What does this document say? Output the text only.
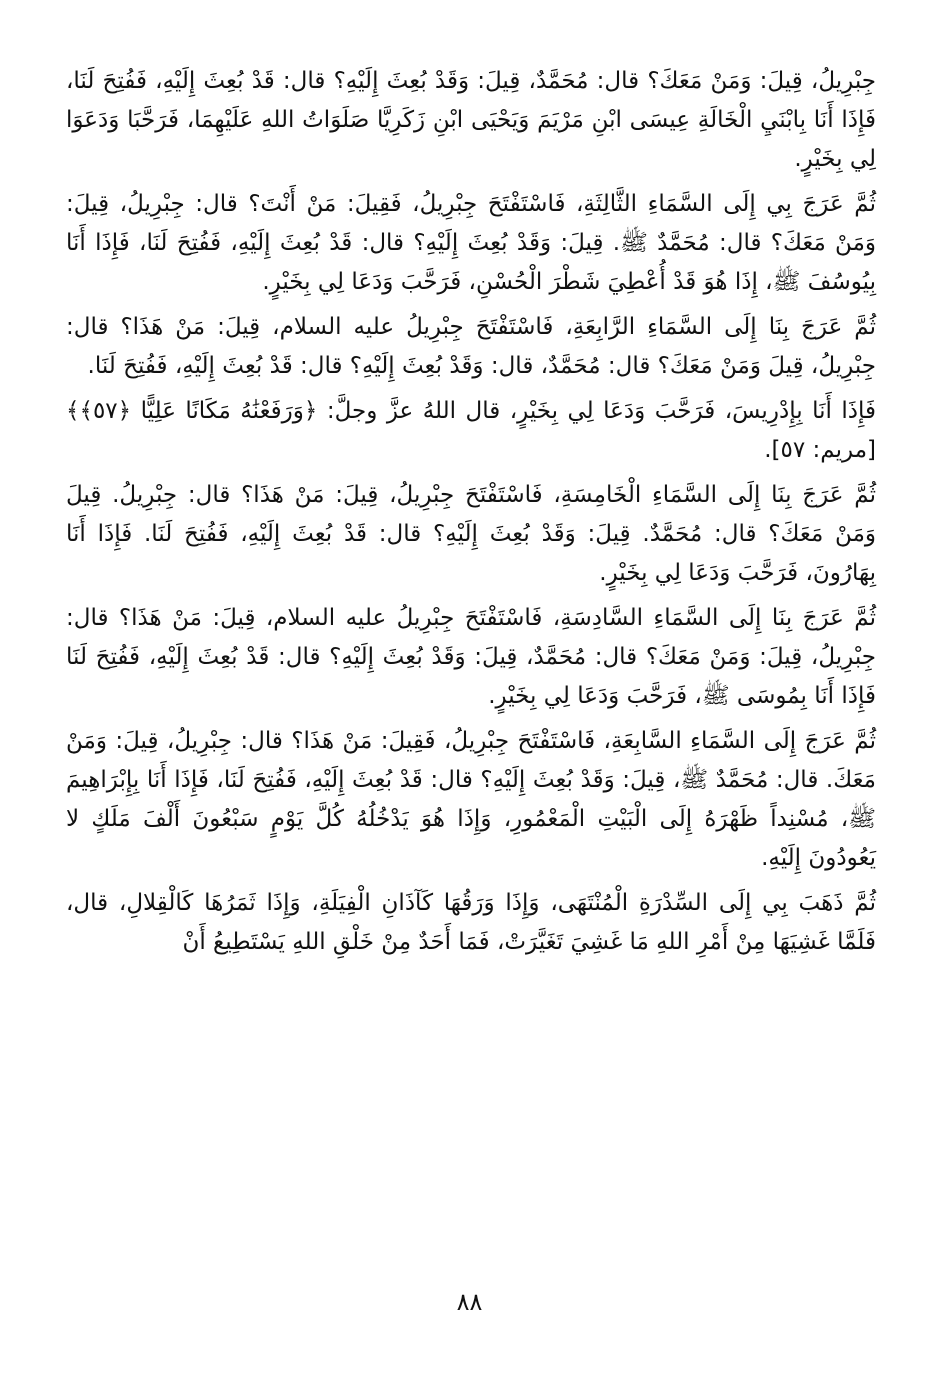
جِبْرِيلُ، قِيلَ: وَمَنْ مَعَكَ؟ قال: مُحَمَّدٌ، قِيلَ: وَقَدْ بُعِثَ إِلَيْهِ؟ قال: قَدْ بُعِثَ إِلَيْهِ، فَفُتِحَ لَنَا، فَإِذَا أَنَا بِابْنَيِ الْخَالَةِ عِيسَى ابْنِ مَرْيَمَ وَيَحْيَى ابْنِ زَكَرِيَّا صَلَوَاتُ اللهِ عَلَيْهِمَا، فَرَحَّبَا وَدَعَوَا لِي بِخَيْرٍ.

ثُمَّ عَرَجَ بِي إِلَى السَّمَاءِ الثَّالِثَةِ، فَاسْتَفْتَحَ جِبْرِيلُ، فَقِيلَ: مَنْ أَنْتَ؟ قال: جِبْرِيلُ، قِيلَ: وَمَنْ مَعَكَ؟ قال: مُحَمَّدٌ ﷺ. قِيلَ: وَقَدْ بُعِثَ إِلَيْهِ؟ قال: قَدْ بُعِثَ إِلَيْهِ، فَفُتِحَ لَنَا، فَإِذَا أَنَا بِيُوسُفَ ﷺ، إِذَا هُوَ قَدْ أُعْطِيَ شَطْرَ الْحُسْنِ، فَرَحَّبَ وَدَعَا لِي بِخَيْرٍ.

ثُمَّ عَرَجَ بِنَا إِلَى السَّمَاءِ الرَّابِعَةِ، فَاسْتَفْتَحَ جِبْرِيلُ عليه السلام، قِيلَ: مَنْ هَذَا؟ قال: جِبْرِيلُ، قِيلَ وَمَنْ مَعَكَ؟ قال: مُحَمَّدٌ، قال: وَقَدْ بُعِثَ إِلَيْهِ؟ قال: قَدْ بُعِثَ إِلَيْهِ، فَفُتِحَ لَنَا.

فَإِذَا أَنَا بِإِدْرِيسَ، فَرَحَّبَ وَدَعَا لِي بِخَيْرٍ، قال اللهُ عزَّ وجلَّ: ﴿وَرَفَعْنَٰهُ مَكَانًا عَلِيًّا ﴿٥٧﴾﴾ [مريم: ٥٧].

ثُمَّ عَرَجَ بِنَا إِلَى السَّمَاءِ الْخَامِسَةِ، فَاسْتَفْتَحَ جِبْرِيلُ، قِيلَ: مَنْ هَذَا؟ قال: جِبْرِيلُ. قِيلَ وَمَنْ مَعَكَ؟ قال: مُحَمَّدٌ. قِيلَ: وَقَدْ بُعِثَ إِلَيْهِ؟ قال: قَدْ بُعِثَ إِلَيْهِ، فَفُتِحَ لَنَا. فَإِذَا أَنَا بِهَارُونَ، فَرَحَّبَ وَدَعَا لِي بِخَيْرٍ.

ثُمَّ عَرَجَ بِنَا إِلَى السَّمَاءِ السَّادِسَةِ، فَاسْتَفْتَحَ جِبْرِيلُ عليه السلام، قِيلَ: مَنْ هَذَا؟ قال: جِبْرِيلُ، قِيلَ: وَمَنْ مَعَكَ؟ قال: مُحَمَّدٌ، قِيلَ: وَقَدْ بُعِثَ إِلَيْهِ؟ قال: قَدْ بُعِثَ إِلَيْهِ، فَفُتِحَ لَنَا فَإِذَا أَنَا بِمُوسَى ﷺ، فَرَحَّبَ وَدَعَا لِي بِخَيْرٍ.

ثُمَّ عَرَجَ إِلَى السَّمَاءِ السَّابِعَةِ، فَاسْتَفْتَحَ جِبْرِيلُ، فَقِيلَ: مَنْ هَذَا؟ قال: جِبْرِيلُ، قِيلَ: وَمَنْ مَعَكَ. قال: مُحَمَّدٌ ﷺ، قِيلَ: وَقَدْ بُعِثَ إِلَيْهِ؟ قال: قَدْ بُعِثَ إِلَيْهِ، فَفُتِحَ لَنَا، فَإِذَا أَنَا بِإِبْرَاهِيمَ ﷺ، مُسْنِداً ظَهْرَهُ إِلَى الْبَيْتِ الْمَعْمُورِ، وَإِذَا هُوَ يَدْخُلُهُ كُلَّ يَوْمٍ سَبْعُونَ أَلْفَ مَلَكٍ لا يَعُودُونَ إِلَيْهِ.

ثُمَّ ذَهَبَ بِي إِلَى السِّدْرَةِ الْمُنْتَهَى، وَإِذَا وَرَقُهَا كَآذَانِ الْفِيَلَةِ، وَإِذَا ثَمَرُهَا كَالْقِلالِ، قال، فَلَمَّا غَشِيَهَا مِنْ أَمْرِ اللهِ مَا غَشِيَ تَغَيَّرَتْ، فَمَا أَحَدٌ مِنْ خَلْقِ اللهِ يَسْتَطِيعُ أَنْ

٨٨
